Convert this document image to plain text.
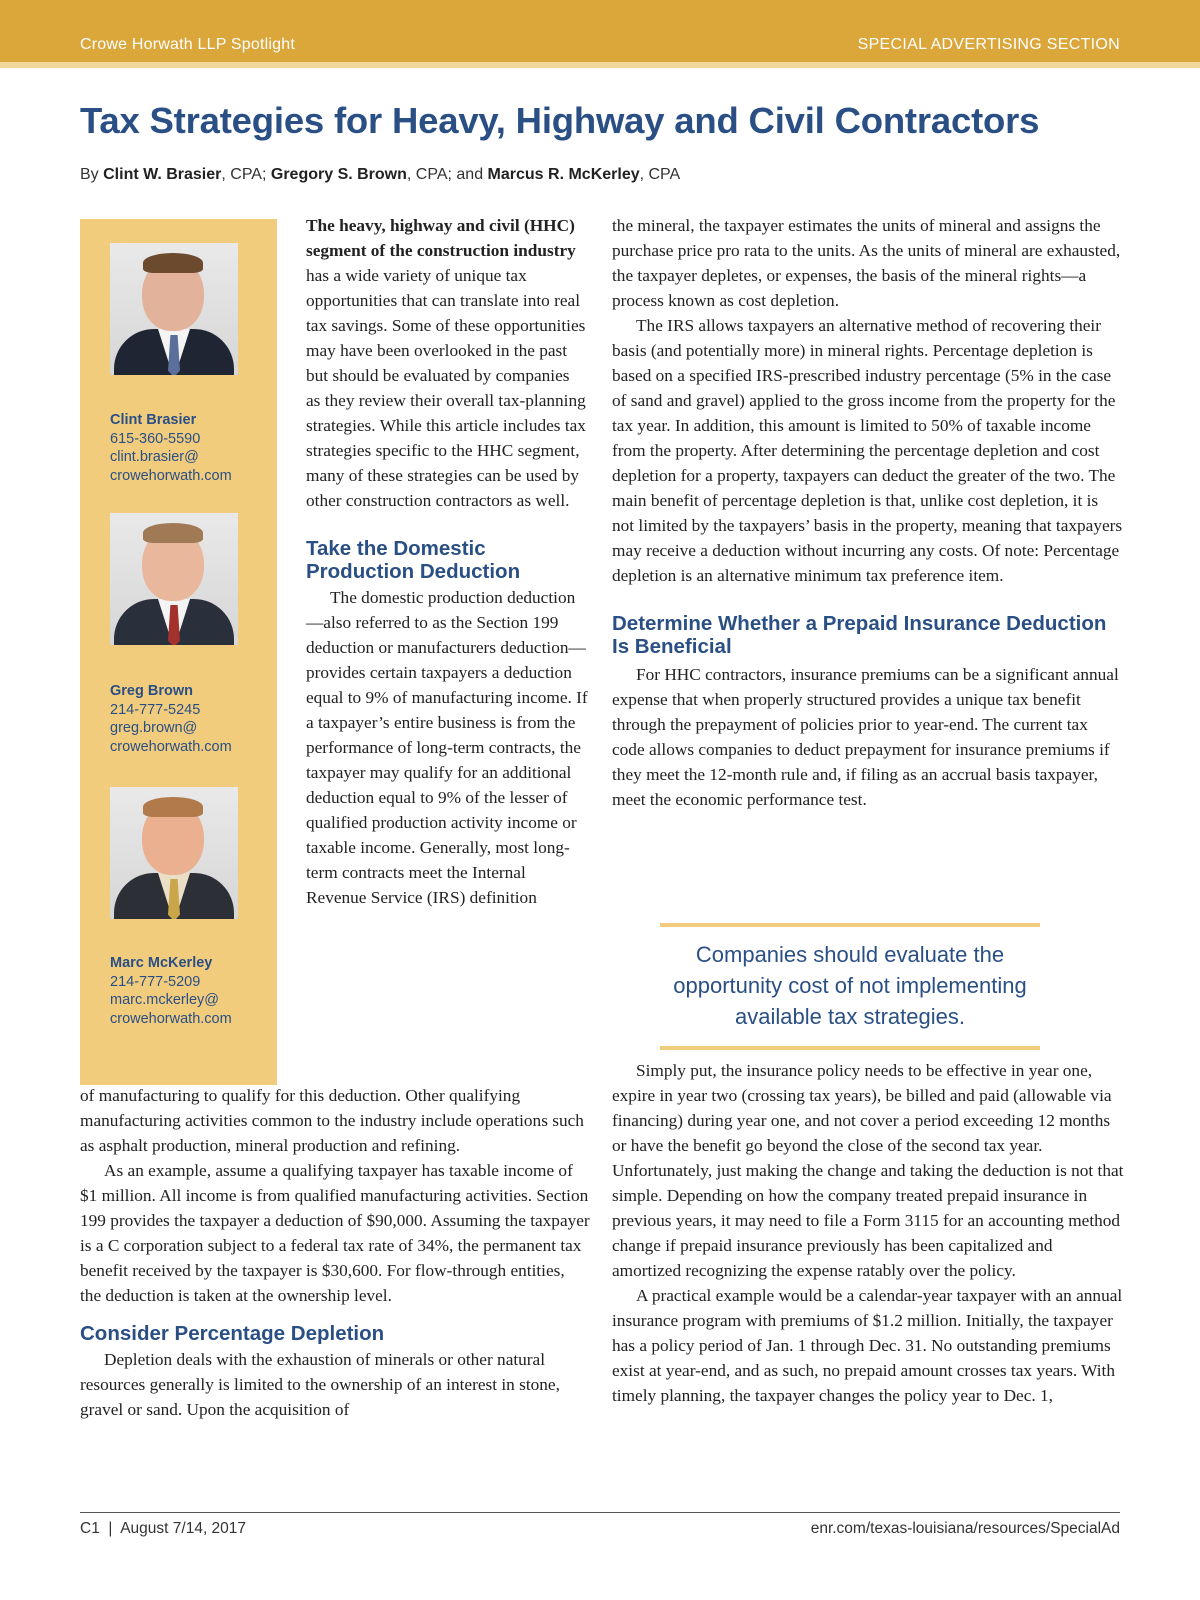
Crowe Horwath LLP Spotlight	SPECIAL ADVERTISING SECTION
Tax Strategies for Heavy, Highway and Civil Contractors
By Clint W. Brasier, CPA; Gregory S. Brown, CPA; and Marcus R. McKerley, CPA
Clint Brasier
615-360-5590
clint.brasier@
crowehorwath.com
Greg Brown
214-777-5245
greg.brown@
crowehorwath.com
Marc McKerley
214-777-5209
marc.mckerley@
crowehorwath.com

The heavy, highway and civil (HHC) segment of the construction industry has a wide variety of unique tax opportunities that can translate into real tax savings. Some of these opportunities may have been overlooked in the past but should be evaluated by companies as they review their overall tax-planning strategies. While this article includes tax strategies specific to the HHC segment, many of these strategies can be used by other construction contractors as well.

Take the Domestic Production Deduction

The domestic production deduction—also referred to as the Section 199 deduction or manufacturers deduction—provides certain taxpayers a deduction equal to 9% of manufacturing income. If a taxpayer’s entire business is from the performance of long-term contracts, the taxpayer may qualify for an additional deduction equal to 9% of the lesser of qualified production activity income or taxable income. Generally, most long-term contracts meet the Internal Revenue Service (IRS) definition

of manufacturing to qualify for this deduction. Other qualifying manufacturing activities common to the industry include operations such as asphalt production, mineral production and refining.

As an example, assume a qualifying taxpayer has taxable income of $1 million. All income is from qualified manufacturing activities. Section 199 provides the taxpayer a deduction of $90,000. Assuming the taxpayer is a C corporation subject to a federal tax rate of 34%, the permanent tax benefit received by the taxpayer is $30,600. For flow-through entities, the deduction is taken at the ownership level.

Consider Percentage Depletion

Depletion deals with the exhaustion of minerals or other natural resources generally is limited to the ownership of an interest in stone, gravel or sand. Upon the acquisition of

the mineral, the taxpayer estimates the units of mineral and assigns the purchase price pro rata to the units. As the units of mineral are exhausted, the taxpayer depletes, or expenses, the basis of the mineral rights—a process known as cost depletion.

The IRS allows taxpayers an alternative method of recovering their basis (and potentially more) in mineral rights. Percentage depletion is based on a specified IRS-prescribed industry percentage (5% in the case of sand and gravel) applied to the gross income from the property for the tax year. In addition, this amount is limited to 50% of taxable income from the property. After determining the percentage depletion and cost depletion for a property, taxpayers can deduct the greater of the two. The main benefit of percentage depletion is that, unlike cost depletion, it is not limited by the taxpayers’ basis in the property, meaning that taxpayers may receive a deduction without incurring any costs. Of note: Percentage depletion is an alternative minimum tax preference item.

Determine Whether a Prepaid Insurance Deduction Is Beneficial

For HHC contractors, insurance premiums can be a significant annual expense that when properly structured provides a unique tax benefit through the prepayment of policies prior to year-end. The current tax code allows companies to deduct prepayment for insurance premiums if they meet the 12-month rule and, if filing as an accrual basis taxpayer, meet the economic performance test.

Companies should evaluate the opportunity cost of not implementing available tax strategies.

Simply put, the insurance policy needs to be effective in year one, expire in year two (crossing tax years), be billed and paid (allowable via financing) during year one, and not cover a period exceeding 12 months or have the benefit go beyond the close of the second tax year. Unfortunately, just making the change and taking the deduction is not that simple. Depending on how the company treated prepaid insurance in previous years, it may need to file a Form 3115 for an accounting method change if prepaid insurance previously has been capitalized and amortized recognizing the expense ratably over the policy.

A practical example would be a calendar-year taxpayer with an annual insurance program with premiums of $1.2 million. Initially, the taxpayer has a policy period of Jan. 1 through Dec. 31. No outstanding premiums exist at year-end, and as such, no prepaid amount crosses tax years. With timely planning, the taxpayer changes the policy year to Dec. 1,

C1  |  August 7/14, 2017	enr.com/texas-louisiana/resources/SpecialAd
